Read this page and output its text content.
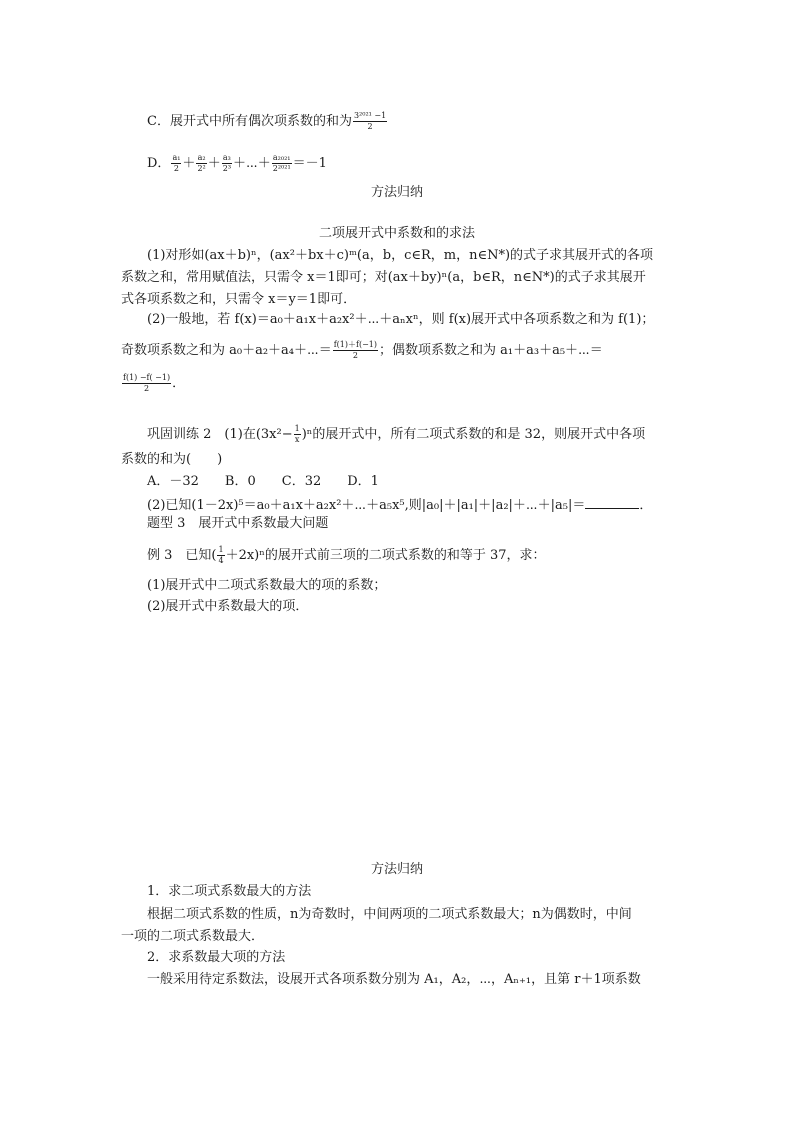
C．展开式中所有偶次项系数的和为 $\frac{\text{3²⁰²¹ −1}}{2}$
D． $\frac{\text{a₁}}{2} + \frac{\text{a₂}}{\text{2²}} + \frac{\text{a₃}}{\text{2³}}$ ＋⋯＋ $\frac{\text{a₂₀₂₁}}{\text{2²⁰²¹}} =-1$
方法归纳
二项展开式中系数和的求法
(1)对形如(ax＋b)ⁿ，(ax²＋bx＋c)ᵐ(a，b，c∈R，m，n∈N*)的式子求其展开式的各项
系数之和，常用赋值法，只需令 x＝1即可；对(ax＋by)ⁿ(a，b∈R，n∈N*)的式子求其展开
式各项系数之和，只需令 x＝y＝1即可．
(2)一般地，若 f(x)＝a₀＋a₁x＋a₂x²＋⋯＋aₙxⁿ，则 f(x)展开式中各项系数之和为 f(1)；
奇数项系数之和为 a₀＋a₂＋a₄＋⋯＝ $\frac{f(1)+f(-1)}{2}$ ；偶数项系数之和为 a₁＋a₃＋a₅＋⋯＝
$\frac{f(1) -f( -1)}{2}$ ．
巩固训练 2　(1)在$(3x^2- \frac{1}{x} )^n$的展开式中，所有二项式系数的和是 32，则展开式中各项
系数的和为( )
A．－32　　B．0　　C．32　　D．1
(2)已知(1－2x)⁵＝a₀＋a₁x＋a₂x²＋⋯＋a₅x⁵,则|a₀|＋|a₁|＋|a₂|＋⋯＋|a₅|＝	．
题型 3　展开式中系数最大问题
例 3　已知( $\frac{1}{4} +2x)^n$的展开式前三项的二项式系数的和等于 37，求：
(1)展开式中二项式系数最大的项的系数；
(2)展开式中系数最大的项．
方法归纳
1．求二项式系数最大的方法
根据二项式系数的性质，n为奇数时，中间两项的二项式系数最大；n为偶数时，中间
一项的二项式系数最大．
2．求系数最大项的方法
一般采用待定系数法，设展开式各项系数分别为 A₁，A₂，⋯，Aₙ₊₁，且第 r＋1项系数
